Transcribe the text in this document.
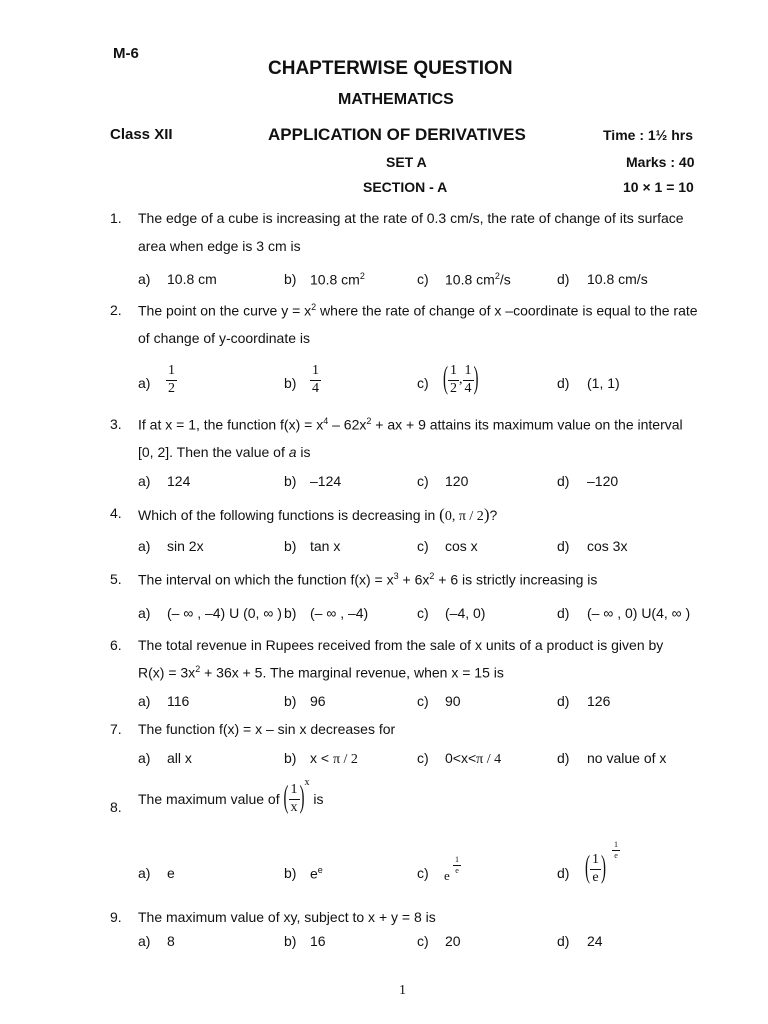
M-6
CHAPTERWISE QUESTION
MATHEMATICS
Class XII	APPLICATION OF DERIVATIVES	Time : 1½ hrs
SET A	Marks : 40
SECTION - A	10 × 1 = 10
1. The edge of a cube is increasing at the rate of 0.3 cm/s, the rate of change of its surface
area when edge is 3 cm is
a) 10.8 cm	b) 10.8 $cm^2$	c) 10.8 $cm^2/s$	d) 10.8 cm/s
2. The point on the curve $y = x^2$ where the rate of change of x –coordinate is equal to the rate
of change of y-coordinate is
$a) \frac{1}{2}$	$b) \frac{1}{4}$	c) ( $\frac{1}{2}$ , $\frac{1}{4}$ )	d) (1, 1)
3. If at x = 1, the function $f(x) = x^4 - 62x^2$ + ax + 9 attains its maximum value on the interval
[0, 2]. Then the value of a is
a) 124	b) –124	c) 120	d) –120
4. Which of the following functions is decreasing in (0, π / 2)?
a) sin 2x	b) tan x	c) cos x	d) cos 3x
5. The interval on which the function $f(x) = x^3 + 6x^2 + 6$ is strictly increasing is
a) (– ∞ , –4) U (0, ∞ ) b) (– ∞ , –4)	c) (–4, 0)	d) (– ∞ , 0) U(4, ∞ )
6. The total revenue in Rupees received from the sale of x units of a product is given by
$R(x) = 3x^2 + 36x + 5$. The marginal revenue, when x = 15 is
a) 116	b) 96	c) 90	d) 126
7. The function f(x) = x – sin x decreases for
a) all x	b) x < π / 2	c) 0<x<π / 4	d) no value of x
8. The maximum value of ( $\frac{1}{x} )^x$ is
a) e	b) $e^e$	c) e $\frac{1}{e}$	d) ( $\frac{1}{e}$ )
$\frac{1}{e}$
9. The maximum value of xy, subject to x + y = 8 is
a) 8	b) 16	c) 20	d) 24
1
